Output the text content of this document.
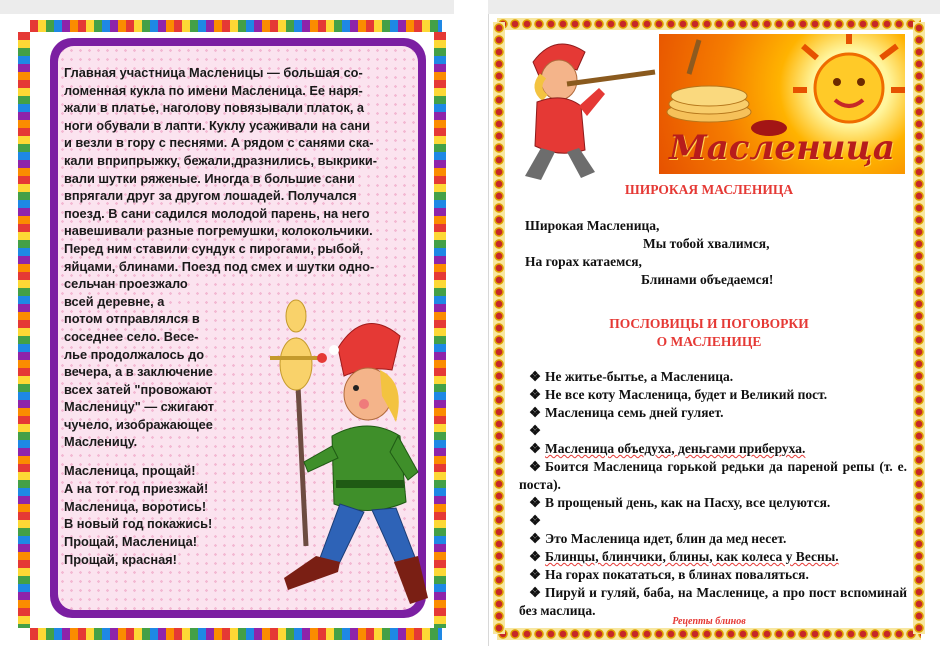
Главная участница Масленицы — большая со-
ломенная кукла по имени Масленица. Ее наря-
жали в платье, наголову повязывали платок, а
ноги обували в лапти. Куклу усаживали на сани
и везли в гору с песнями. А рядом с санями ска-
кали вприпрыжку, бежали,дразнились, выкрики-
вали шутки ряженые. Иногда в большие сани
впрягали друг за другом лошадей. Получался
поезд. В сани садился молодой парень, на него
навешивали разные погремушки, колокольчики.
Перед ним ставили сундук с пирогами, рыбой,
яйцами, блинами. Поезд под смех и шутки одно-
сельчан проезжало
всей деревне, а
потом отправлялся в
соседнее село. Весе-
лье продолжалось до
вечера, а в заключение
всех затей "провожают
Масленицу" — сжигают
чучело, изображающее
Масленицу.
Масленица, прощай!
А на тот год приезжай!
Масленица, воротись!
В новый год покажись!
Прощай, Масленица!
Прощай, красная!
Масленица
ШИРОКАЯ МАСЛЕНИЦА
Широкая Масленица,
Мы тобой хвалимся,
На горах катаемся,
Блинами объедаемся!
ПОСЛОВИЦЫ И ПОГОВОРКИ
О МАСЛЕНИЦЕ
❖ Не житье-бытье, а Масленица.
❖ Не все коту Масленица, будет и Великий пост.
❖ Масленица семь дней гуляет.
❖
❖ Масленица объедуха, деньгами приберуха.
❖ Боится Масленица горькой редьки да пареной репы (т. е. поста).
❖ В прощеный день, как на Пасху, все целуются.
❖
❖ Это Масленица идет, блин да мед несет.
❖ Блинцы, блинчики, блины, как колеса у Весны.
❖ На горах покататься, в блинах поваляться.
❖ Пируй и гуляй, баба, на Масленице, а про пост вспоминай без маслица.
Рецепты блинов
